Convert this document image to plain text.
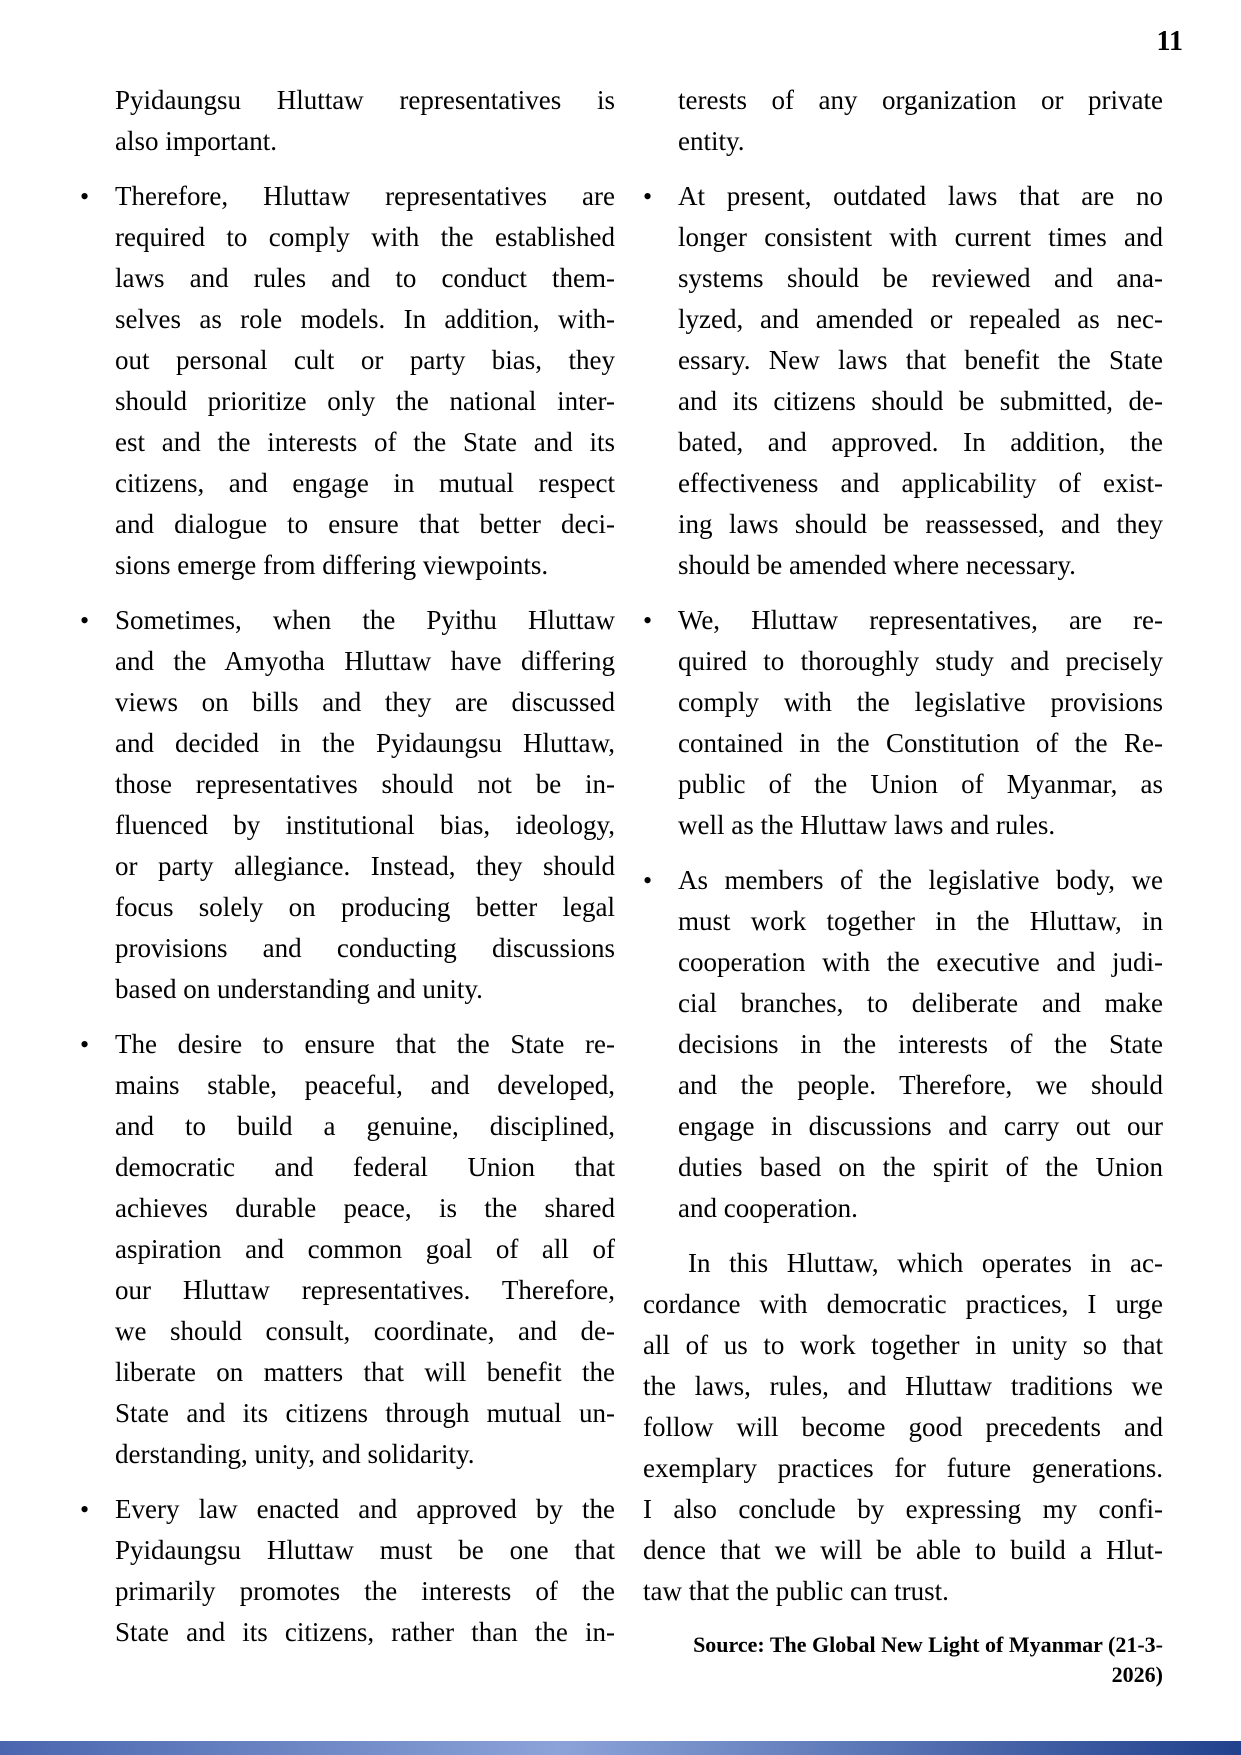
11
Pyidaungsu Hluttaw representatives is
also important.
• Therefore, Hluttaw representatives are
required to comply with the established
laws and rules and to conduct them-
selves as role models. In addition, with-
out personal cult or party bias, they
should prioritize only the national inter-
est and the interests of the State and its
citizens, and engage in mutual respect
and dialogue to ensure that better deci-
sions emerge from differing viewpoints.
• Sometimes, when the Pyithu Hluttaw
and the Amyotha Hluttaw have differing
views on bills and they are discussed
and decided in the Pyidaungsu Hluttaw,
those representatives should not be in-
fluenced by institutional bias, ideology,
or party allegiance. Instead, they should
focus solely on producing better legal
provisions and conducting discussions
based on understanding and unity.
• The desire to ensure that the State re-
mains stable, peaceful, and developed,
and to build a genuine, disciplined,
democratic and federal Union that
achieves durable peace, is the shared
aspiration and common goal of all of
our Hluttaw representatives. Therefore,
we should consult, coordinate, and de-
liberate on matters that will benefit the
State and its citizens through mutual un-
derstanding, unity, and solidarity.
• Every law enacted and approved by the
Pyidaungsu Hluttaw must be one that
primarily promotes the interests of the
State and its citizens, rather than the in-
terests of any organization or private
entity.
• At present, outdated laws that are no
longer consistent with current times and
systems should be reviewed and ana-
lyzed, and amended or repealed as nec-
essary. New laws that benefit the State
and its citizens should be submitted, de-
bated, and approved. In addition, the
effectiveness and applicability of exist-
ing laws should be reassessed, and they
should be amended where necessary.
• We, Hluttaw representatives, are re-
quired to thoroughly study and precisely
comply with the legislative provisions
contained in the Constitution of the Re-
public of the Union of Myanmar, as
well as the Hluttaw laws and rules.
• As members of the legislative body, we
must work together in the Hluttaw, in
cooperation with the executive and judi-
cial branches, to deliberate and make
decisions in the interests of the State
and the people. Therefore, we should
engage in discussions and carry out our
duties based on the spirit of the Union
and cooperation.
In this Hluttaw, which operates in ac-
cordance with democratic practices, I urge
all of us to work together in unity so that
the laws, rules, and Hluttaw traditions we
follow will become good precedents and
exemplary practices for future generations.
I also conclude by expressing my confi-
dence that we will be able to build a Hlut-
taw that the public can trust.
Source: The Global New Light of Myanmar (21-3-2026)
